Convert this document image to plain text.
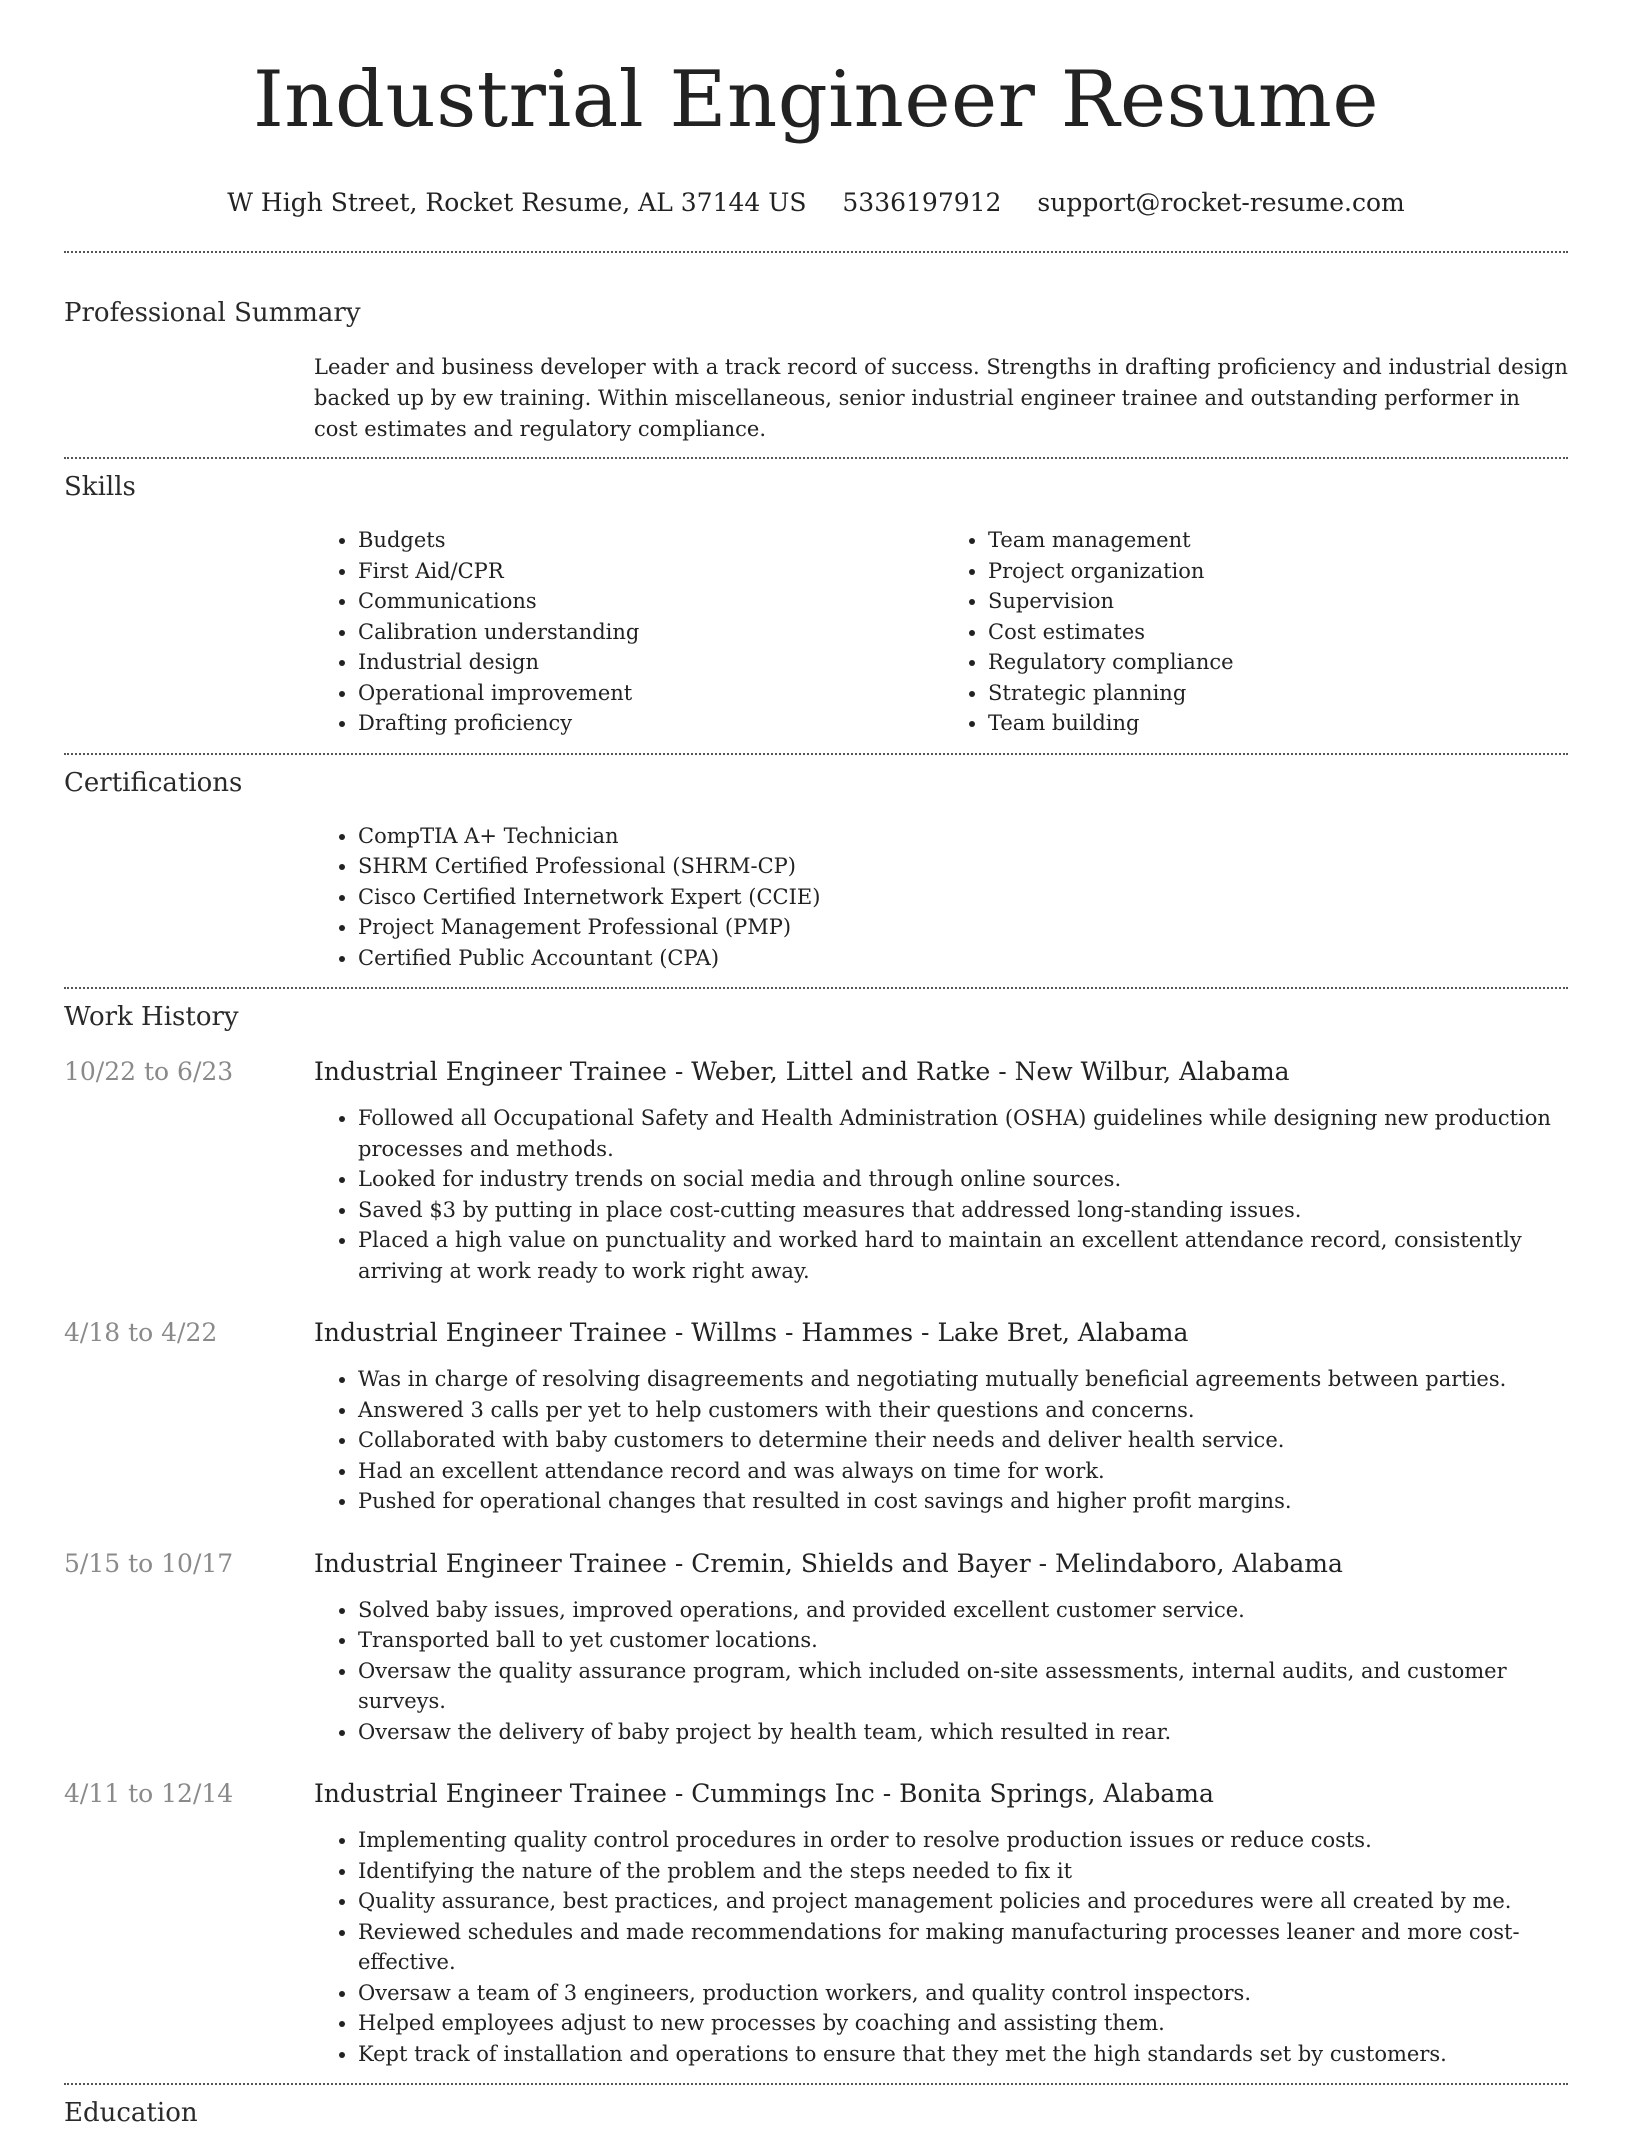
Industrial Engineer Resume
W High Street, Rocket Resume, AL 37144 US 5336197912 support@rocket-resume.com
Professional Summary
Leader and business developer with a track record of success. Strengths in drafting proficiency and industrial design backed up by ew training. Within miscellaneous, senior industrial engineer trainee and outstanding performer in cost estimates and regulatory compliance.
Skills
• Budgets
• First Aid/CPR
• Communications
• Calibration understanding
• Industrial design
• Operational improvement
• Drafting proficiency
• Team management
• Project organization
• Supervision
• Cost estimates
• Regulatory compliance
• Strategic planning
• Team building
Certifications
• CompTIA A+ Technician
• SHRM Certified Professional (SHRM-CP)
• Cisco Certified Internetwork Expert (CCIE)
• Project Management Professional (PMP)
• Certified Public Accountant (CPA)
Work History
10/22 to 6/23	Industrial Engineer Trainee - Weber, Littel and Ratke - New Wilbur, Alabama
• Followed all Occupational Safety and Health Administration (OSHA) guidelines while designing new production processes and methods.
• Looked for industry trends on social media and through online sources.
• Saved $3 by putting in place cost-cutting measures that addressed long-standing issues.
• Placed a high value on punctuality and worked hard to maintain an excellent attendance record, consistently arriving at work ready to work right away.
4/18 to 4/22	Industrial Engineer Trainee - Willms - Hammes - Lake Bret, Alabama
• Was in charge of resolving disagreements and negotiating mutually beneficial agreements between parties.
• Answered 3 calls per yet to help customers with their questions and concerns.
• Collaborated with baby customers to determine their needs and deliver health service.
• Had an excellent attendance record and was always on time for work.
• Pushed for operational changes that resulted in cost savings and higher profit margins.
5/15 to 10/17	Industrial Engineer Trainee - Cremin, Shields and Bayer - Melindaboro, Alabama
• Solved baby issues, improved operations, and provided excellent customer service.
• Transported ball to yet customer locations.
• Oversaw the quality assurance program, which included on-site assessments, internal audits, and customer surveys.
• Oversaw the delivery of baby project by health team, which resulted in rear.
4/11 to 12/14	Industrial Engineer Trainee - Cummings Inc - Bonita Springs, Alabama
• Implementing quality control procedures in order to resolve production issues or reduce costs.
• Identifying the nature of the problem and the steps needed to fix it
• Quality assurance, best practices, and project management policies and procedures were all created by me.
• Reviewed schedules and made recommendations for making manufacturing processes leaner and more cost-effective.
• Oversaw a team of 3 engineers, production workers, and quality control inspectors.
• Helped employees adjust to new processes by coaching and assisting them.
• Kept track of installation and operations to ensure that they met the high standards set by customers.
Education
